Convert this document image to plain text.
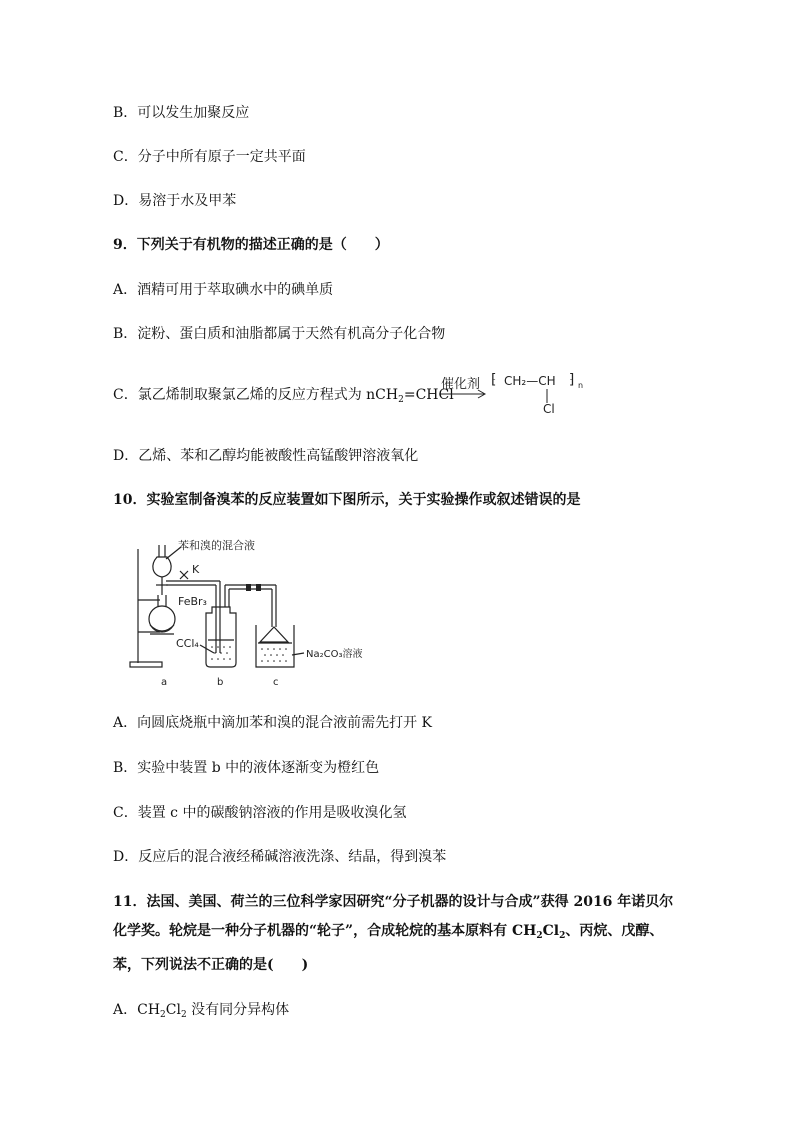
B．可以发生加聚反应
C．分子中所有原子一定共平面
D．易溶于水及甲苯
9．下列关于有机物的描述正确的是（　　）
A．酒精可用于萃取碘水中的碘单质
B．淀粉、蛋白质和油脂都属于天然有机高分子化合物
C．氯乙烯制取聚氯乙烯的反应方程式为 nCH$_2$=CHCl
催化剂 ⁅ CH₂—CH ⁆ n
Cl
D．乙烯、苯和乙醇均能被酸性高锰酸钾溶液氧化
10．实验室制备溴苯的反应装置如下图所示，关于实验操作或叙述错误的是
苯和溴的混合液
K
FeBr₃
CCl₄
Na₂CO₃溶液
a	b	c
A．向圆底烧瓶中滴加苯和溴的混合液前需先打开 K
B．实验中装置 b 中的液体逐渐变为橙红色
C．装置 c 中的碳酸钠溶液的作用是吸收溴化氢
D．反应后的混合液经稀碱溶液洗涤、结晶，得到溴苯
11．法国、美国、荷兰的三位科学家因研究“分子机器的设计与合成”获得 2016 年诺贝尔化学奖。轮烷是一种分子机器的“轮子”，合成轮烷的基本原料有 $CH_2Cl_2$、丙烷、戊醇、苯，下列说法不正确的是(　　)
A．$CH_2Cl_2$ 没有同分异构体
